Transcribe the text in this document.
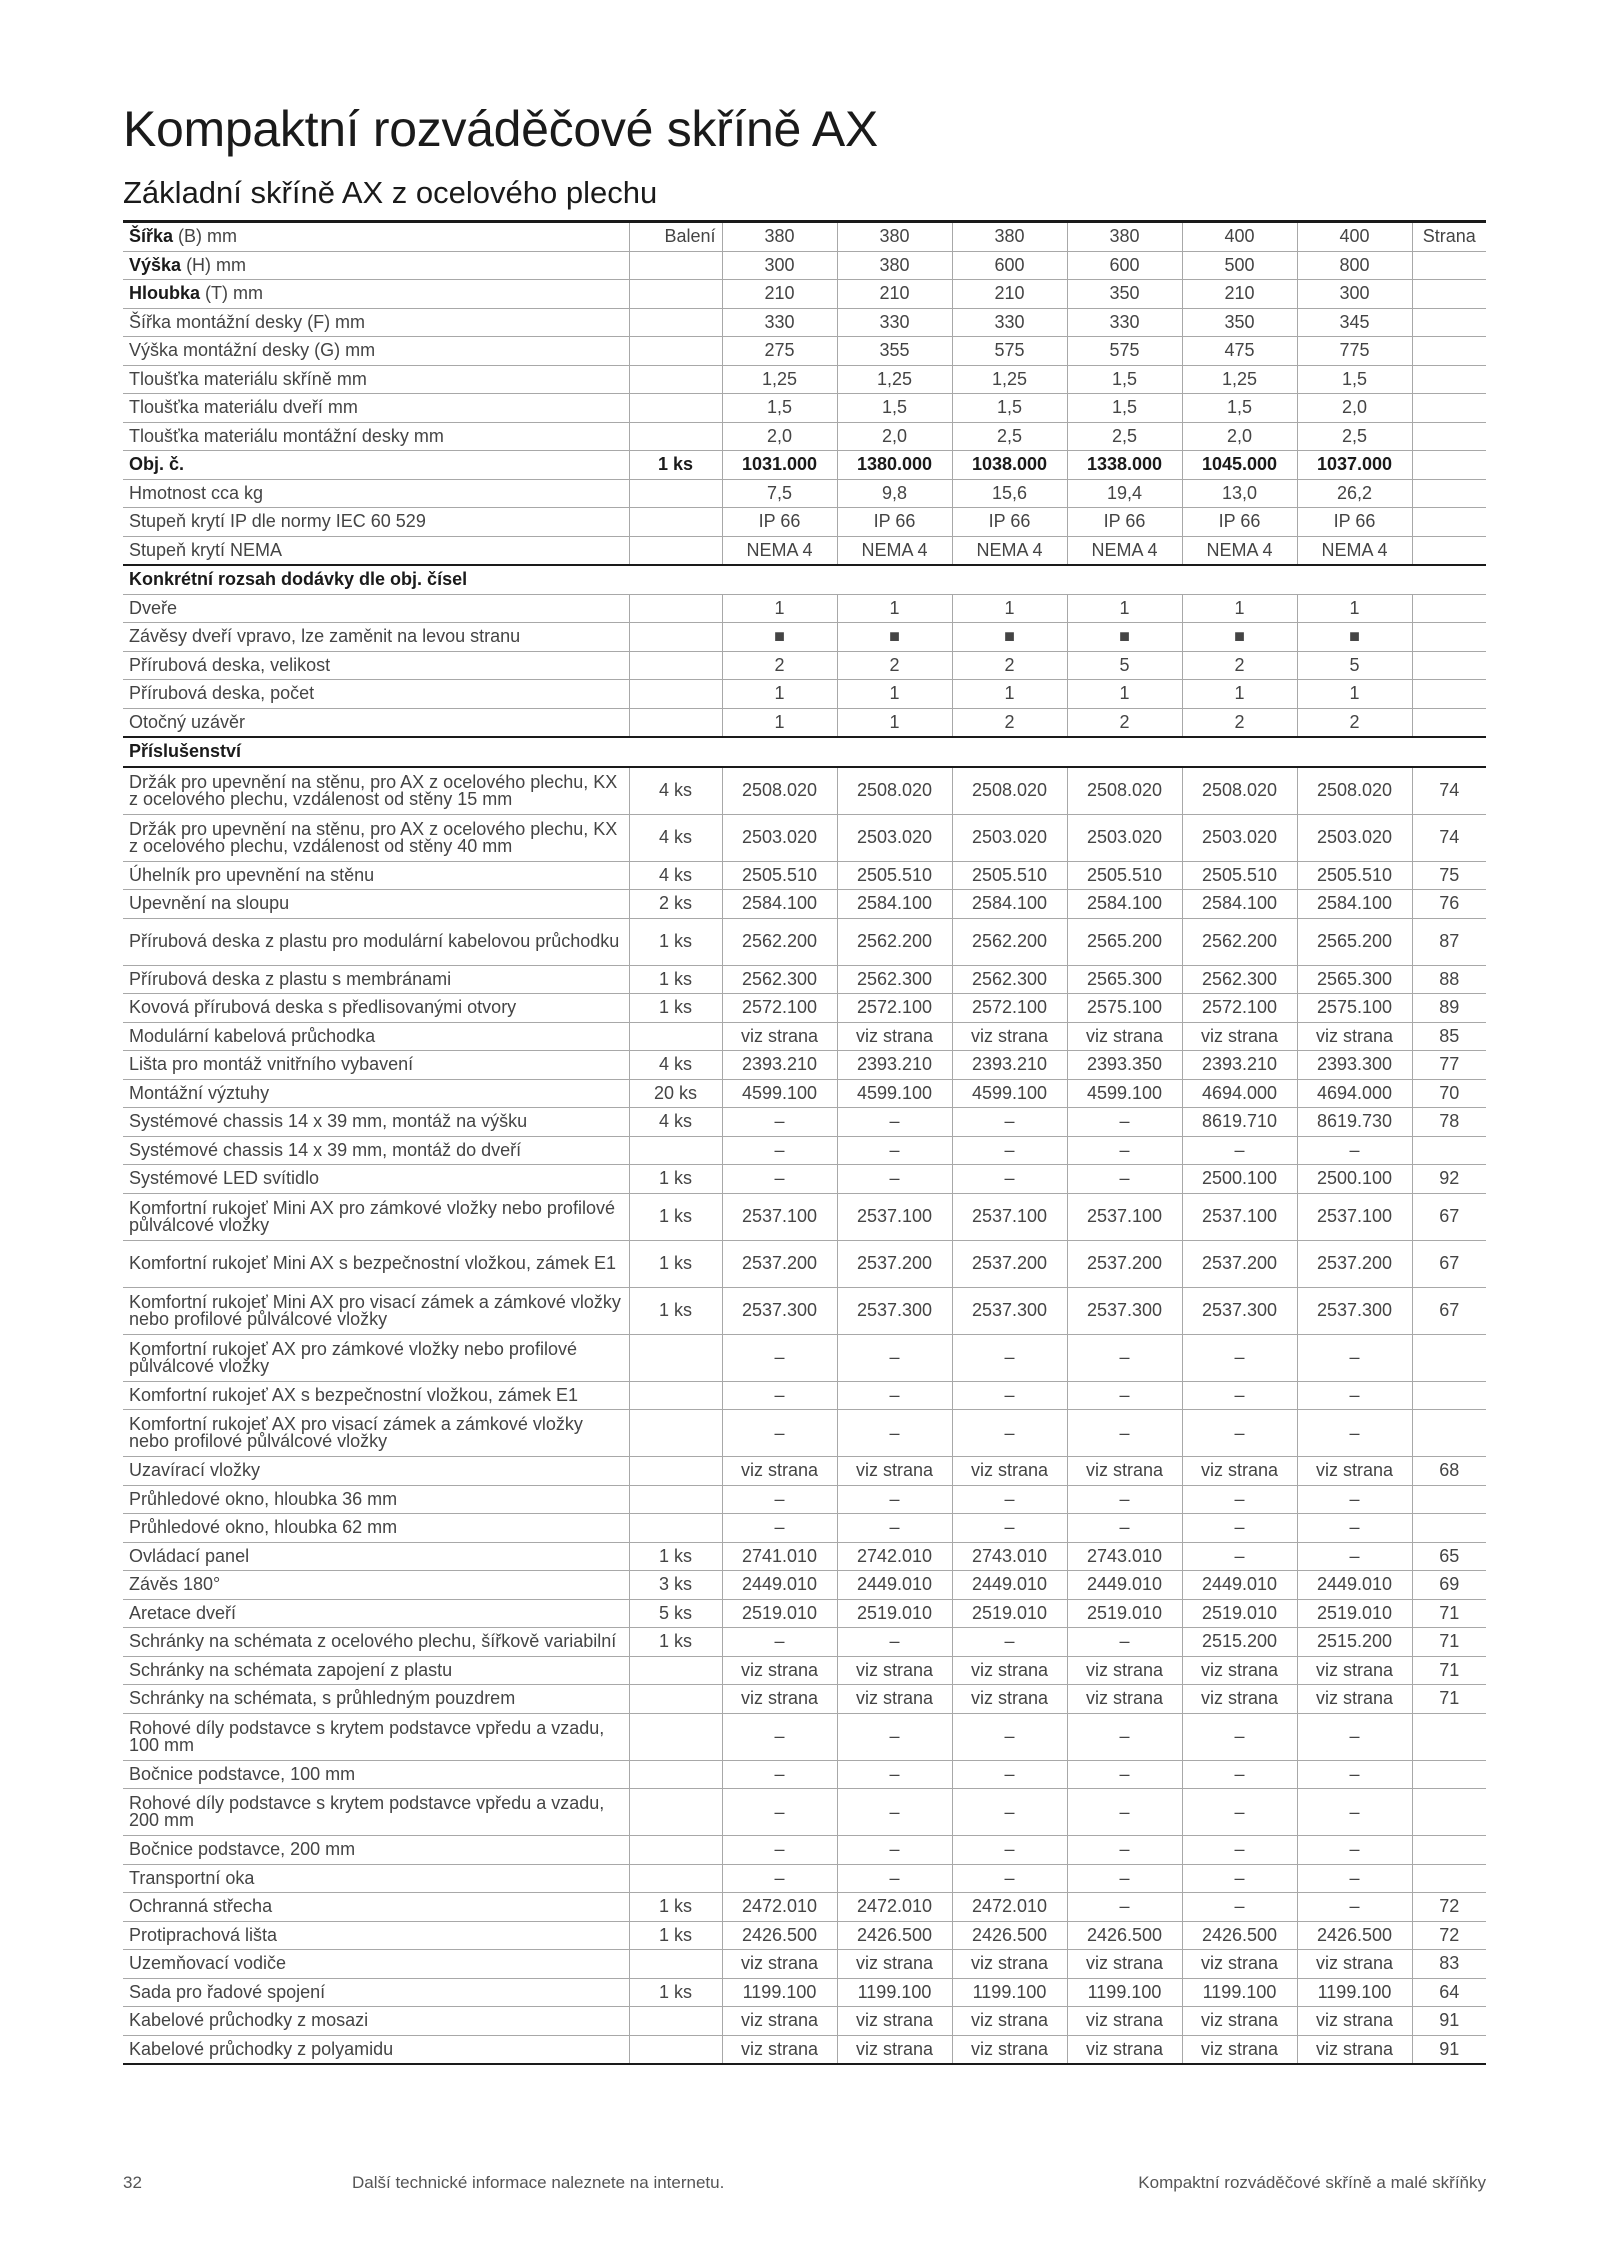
Kompaktní rozváděčové skříně AX
Základní skříně AX z ocelového plechu
Šířka (B) mm	Balení	380	380	380	380	400	400	Strana
Výška (H) mm		300	380	600	600	500	800	
Hloubka (T) mm		210	210	210	350	210	300	
Šířka montážní desky (F) mm		330	330	330	330	350	345	
Výška montážní desky (G) mm		275	355	575	575	475	775	
Tloušťka materiálu skříně mm		1,25	1,25	1,25	1,5	1,25	1,5	
Tloušťka materiálu dveří mm		1,5	1,5	1,5	1,5	1,5	2,0	
Tloušťka materiálu montážní desky mm		2,0	2,0	2,5	2,5	2,0	2,5	
Obj. č.	1 ks	1031.000	1380.000	1038.000	1338.000	1045.000	1037.000	
Hmotnost cca kg		7,5	9,8	15,6	19,4	13,0	26,2	
Stupeň krytí IP dle normy IEC 60 529		IP 66	IP 66	IP 66	IP 66	IP 66	IP 66	
Stupeň krytí NEMA		NEMA 4	NEMA 4	NEMA 4	NEMA 4	NEMA 4	NEMA 4	
Konkrétní rozsah dodávky dle obj. čísel								
Dveře		1	1	1	1	1	1	
Závěsy dveří vpravo, lze zaměnit na levou stranu		■	■	■	■	■	■	
Přírubová deska, velikost		2	2	2	5	2	5	
Přírubová deska, počet		1	1	1	1	1	1	
Otočný uzávěr		1	1	2	2	2	2	
Příslušenství								
Držák pro upevnění na stěnu, pro AX z ocelového plechu, KX z ocelového plechu, vzdálenost od stěny 15 mm	4 ks	2508.020	2508.020	2508.020	2508.020	2508.020	2508.020	74
Držák pro upevnění na stěnu, pro AX z ocelového plechu, KX z ocelového plechu, vzdálenost od stěny 40 mm	4 ks	2503.020	2503.020	2503.020	2503.020	2503.020	2503.020	74
Úhelník pro upevnění na stěnu	4 ks	2505.510	2505.510	2505.510	2505.510	2505.510	2505.510	75
Upevnění na sloupu	2 ks	2584.100	2584.100	2584.100	2584.100	2584.100	2584.100	76
Přírubová deska z plastu pro modulární kabelovou průchodku	1 ks	2562.200	2562.200	2562.200	2565.200	2562.200	2565.200	87
Přírubová deska z plastu s membránami	1 ks	2562.300	2562.300	2562.300	2565.300	2562.300	2565.300	88
Kovová přírubová deska s předlisovanými otvory	1 ks	2572.100	2572.100	2572.100	2575.100	2572.100	2575.100	89
Modulární kabelová průchodka		viz strana	viz strana	viz strana	viz strana	viz strana	viz strana	85
Lišta pro montáž vnitřního vybavení	4 ks	2393.210	2393.210	2393.210	2393.350	2393.210	2393.300	77
Montážní výztuhy	20 ks	4599.100	4599.100	4599.100	4599.100	4694.000	4694.000	70
Systémové chassis 14 x 39 mm, montáž na výšku	4 ks	–	–	–	–	8619.710	8619.730	78
Systémové chassis 14 x 39 mm, montáž do dveří		–	–	–	–	–	–	
Systémové LED svítidlo	1 ks	–	–	–	–	2500.100	2500.100	92
Komfortní rukojeť Mini AX pro zámkové vložky nebo profilové půlválcové vložky	1 ks	2537.100	2537.100	2537.100	2537.100	2537.100	2537.100	67
Komfortní rukojeť Mini AX s bezpečnostní vložkou, zámek E1	1 ks	2537.200	2537.200	2537.200	2537.200	2537.200	2537.200	67
Komfortní rukojeť Mini AX pro visací zámek a zámkové vložky nebo profilové půlválcové vložky	1 ks	2537.300	2537.300	2537.300	2537.300	2537.300	2537.300	67
Komfortní rukojeť AX pro zámkové vložky nebo profilové půlválcové vložky		–	–	–	–	–	–	
Komfortní rukojeť AX s bezpečnostní vložkou, zámek E1		–	–	–	–	–	–	
Komfortní rukojeť AX pro visací zámek a zámkové vložky nebo profilové půlválcové vložky		–	–	–	–	–	–	
Uzavírací vložky		viz strana	viz strana	viz strana	viz strana	viz strana	viz strana	68
Průhledové okno, hloubka 36 mm		–	–	–	–	–	–	
Průhledové okno, hloubka 62 mm		–	–	–	–	–	–	
Ovládací panel	1 ks	2741.010	2742.010	2743.010	2743.010	–	–	65
Závěs 180°	3 ks	2449.010	2449.010	2449.010	2449.010	2449.010	2449.010	69
Aretace dveří	5 ks	2519.010	2519.010	2519.010	2519.010	2519.010	2519.010	71
Schránky na schémata z ocelového plechu, šířkově variabilní	1 ks	–	–	–	–	2515.200	2515.200	71
Schránky na schémata zapojení z plastu		viz strana	viz strana	viz strana	viz strana	viz strana	viz strana	71
Schránky na schémata, s průhledným pouzdrem		viz strana	viz strana	viz strana	viz strana	viz strana	viz strana	71
Rohové díly podstavce s krytem podstavce vpředu a vzadu, 100 mm		–	–	–	–	–	–	
Bočnice podstavce, 100 mm		–	–	–	–	–	–	
Rohové díly podstavce s krytem podstavce vpředu a vzadu, 200 mm		–	–	–	–	–	–	
Bočnice podstavce, 200 mm		–	–	–	–	–	–	
Transportní oka		–	–	–	–	–	–	
Ochranná střecha	1 ks	2472.010	2472.010	2472.010	–	–	–	72
Protiprachová lišta	1 ks	2426.500	2426.500	2426.500	2426.500	2426.500	2426.500	72
Uzemňovací vodiče		viz strana	viz strana	viz strana	viz strana	viz strana	viz strana	83
Sada pro řadové spojení	1 ks	1199.100	1199.100	1199.100	1199.100	1199.100	1199.100	64
Kabelové průchodky z mosazi		viz strana	viz strana	viz strana	viz strana	viz strana	viz strana	91
Kabelové průchodky z polyamidu		viz strana	viz strana	viz strana	viz strana	viz strana	viz strana	91
32	Další technické informace naleznete na internetu.	Kompaktní rozváděčové skříně a malé skříňky
